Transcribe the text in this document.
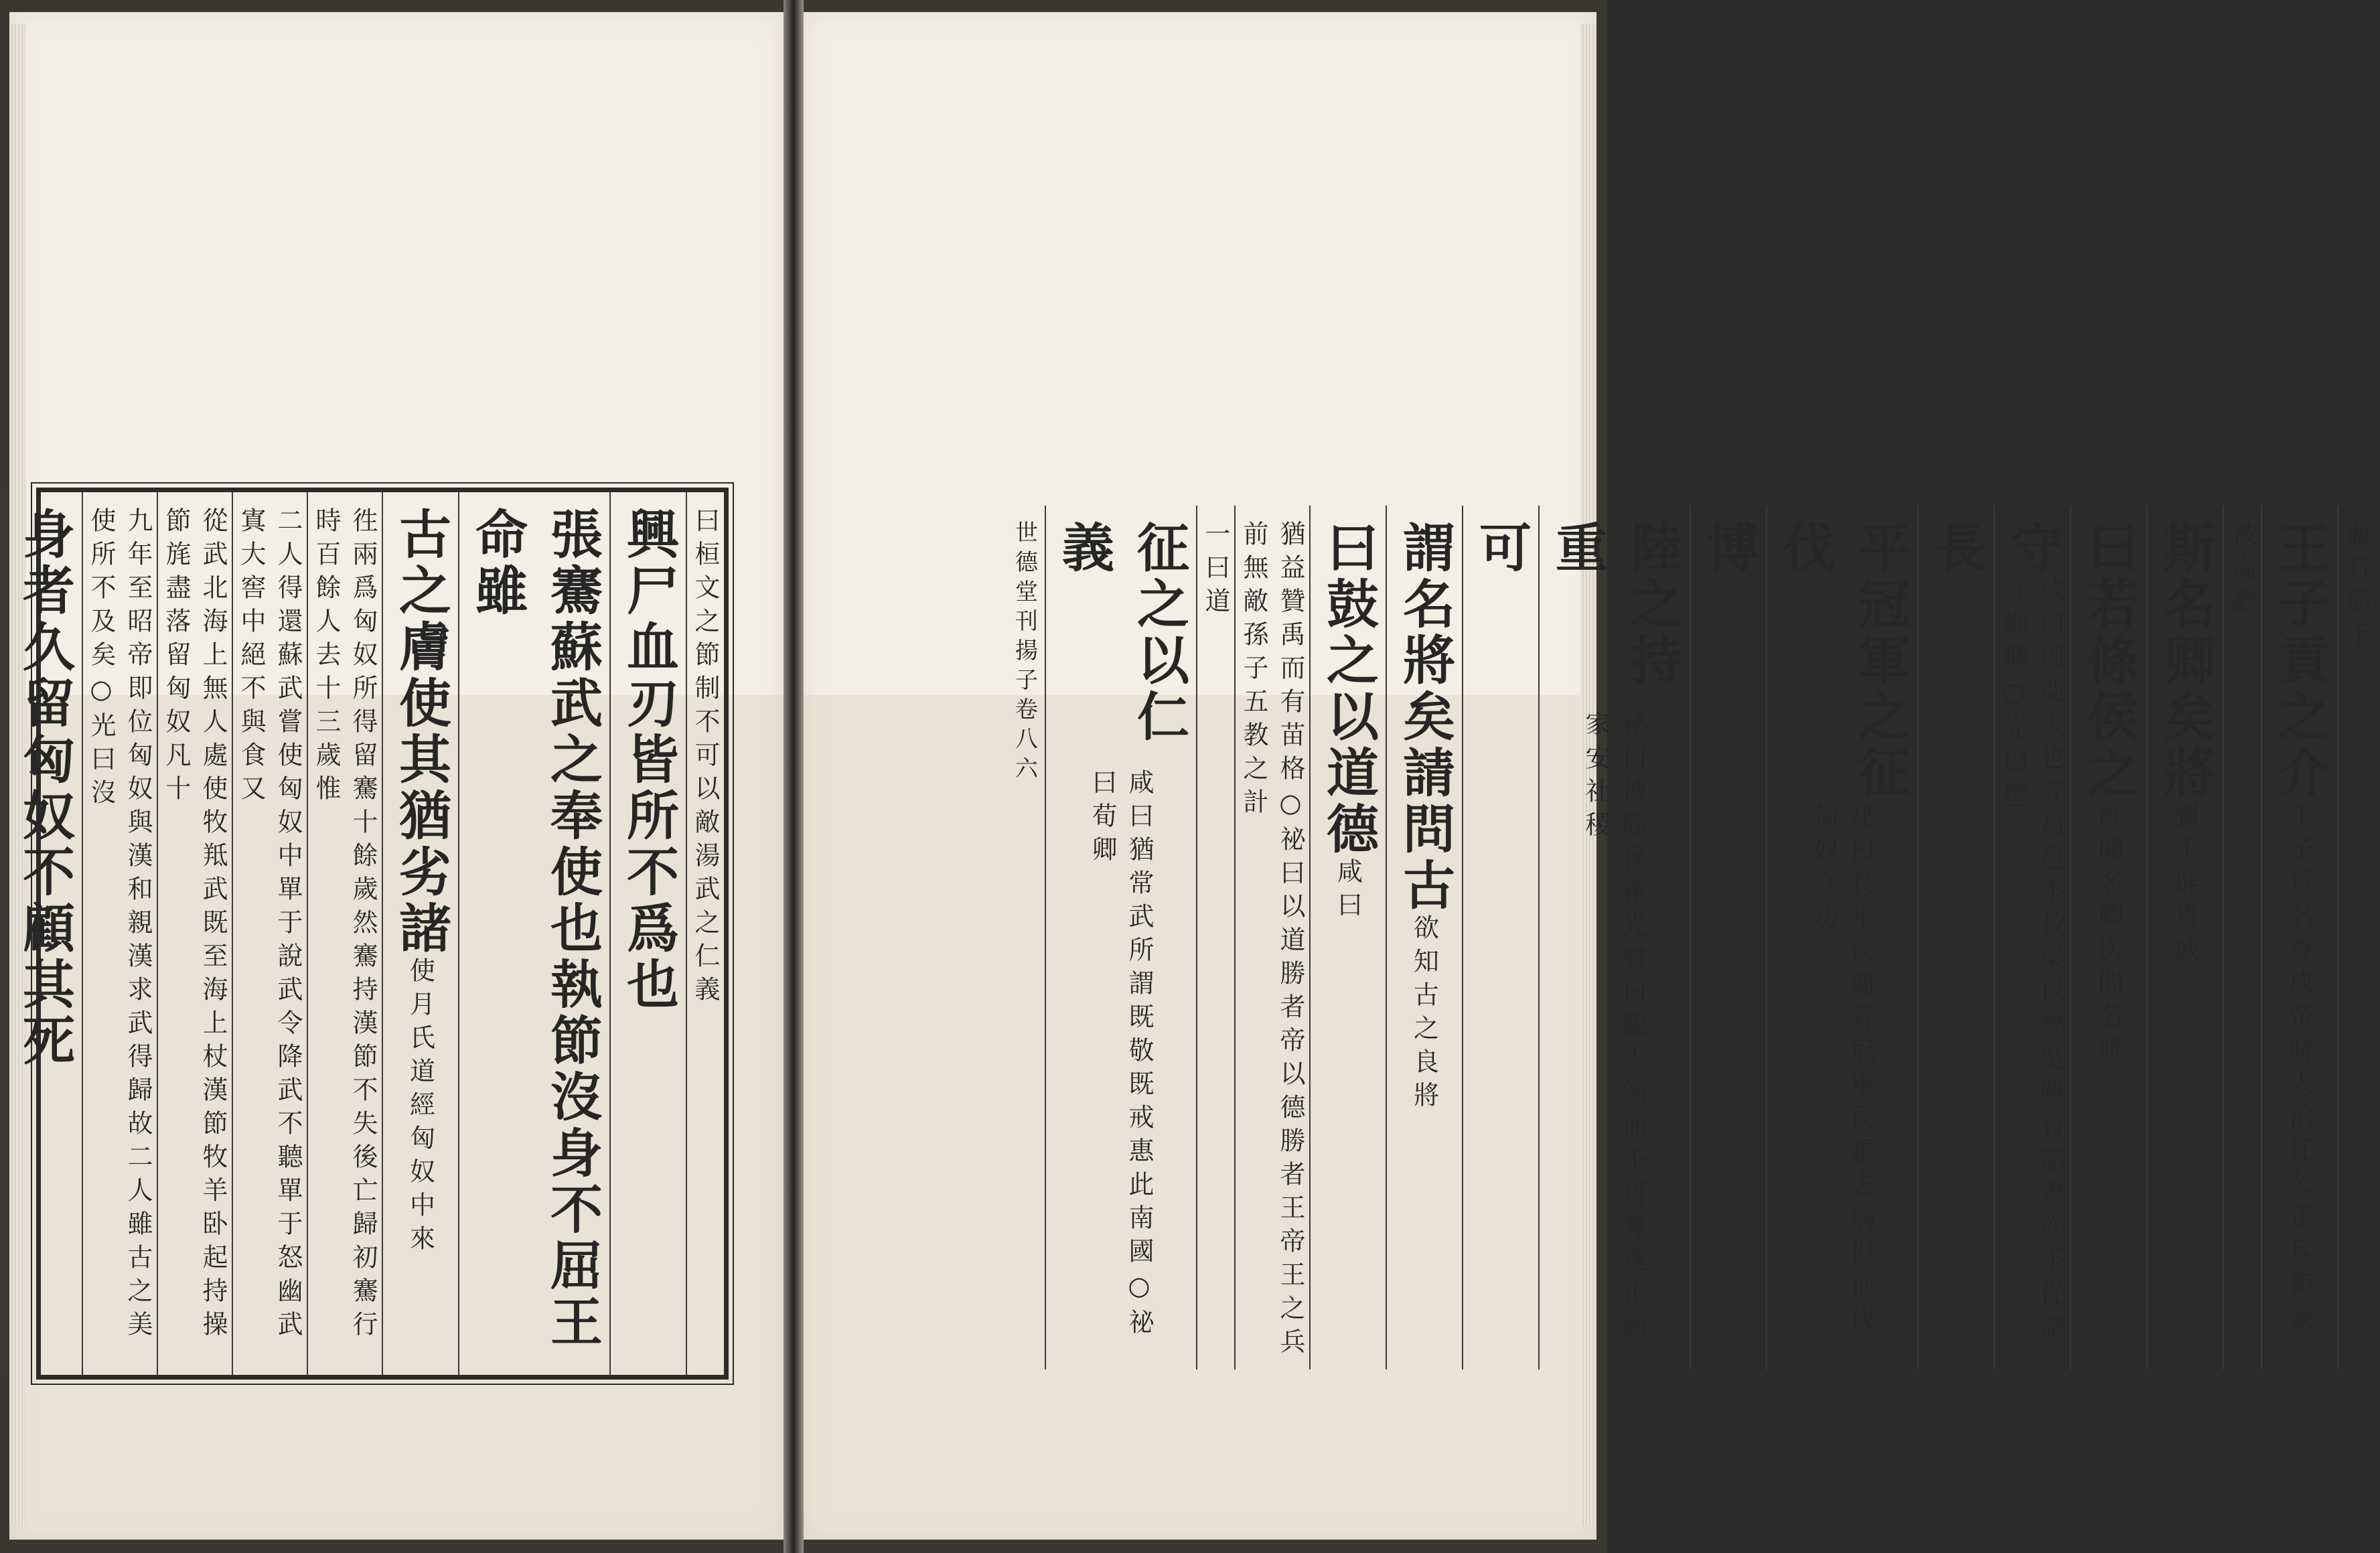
曰桓文之節制不可以敵湯武之仁義
興尸血刃皆所不爲也
張騫蘇武之奉使也執節沒身不屈王命雖
古之膚使其猶劣諸
使月氏道經匈奴中來
徃兩爲匈奴所得留騫十餘歲然騫持漢節不失後亡歸初騫行時百餘人去十三歲惟
二人得還蘇武嘗使匈奴中單于說武令降武不聽單于怒幽武寘大窖中絕不與食又
從武北海上無人處使牧羝武既至海上杖漢節牧羊卧起持操節旄盡落留匈奴凡十
九年至昭帝即位匈奴與漢和親漢求武得歸故二人雖古之美使所不及矣○光曰沒
身者久留匈奴不顧其死	藺有節不
王子貢之介
王子貢名尊成帝時人治任公正斥鉅豪
被溢辭
斯名卿矣將
彊不辟貴戚
曰若條侯之
既聞名卿次問名將
守
咸曰周亞夫也守昌邑不救梁以弊吳雖有詔書亦不從謂守細柳○光曰壁
長
平冠軍之征伐
祕曰長平侯衞青冠軍侯霍去病俱征伐匈奴立功
博
陸之持重
祕曰博陸侯霍光贊曰臨大節而不可奪遂正國家安社稷
可
謂名將矣請問古
欲知古之良將
曰鼓之以道德
咸曰
猶益贊禹而有苗格○祕曰以道勝者帝以德勝者王帝王之兵前無敵孫子五教之計
一曰道
征之以仁義
咸曰猶常武所謂既敬既戒惠此南國○祕曰荀卿
世德堂刊
揚子卷八
六
